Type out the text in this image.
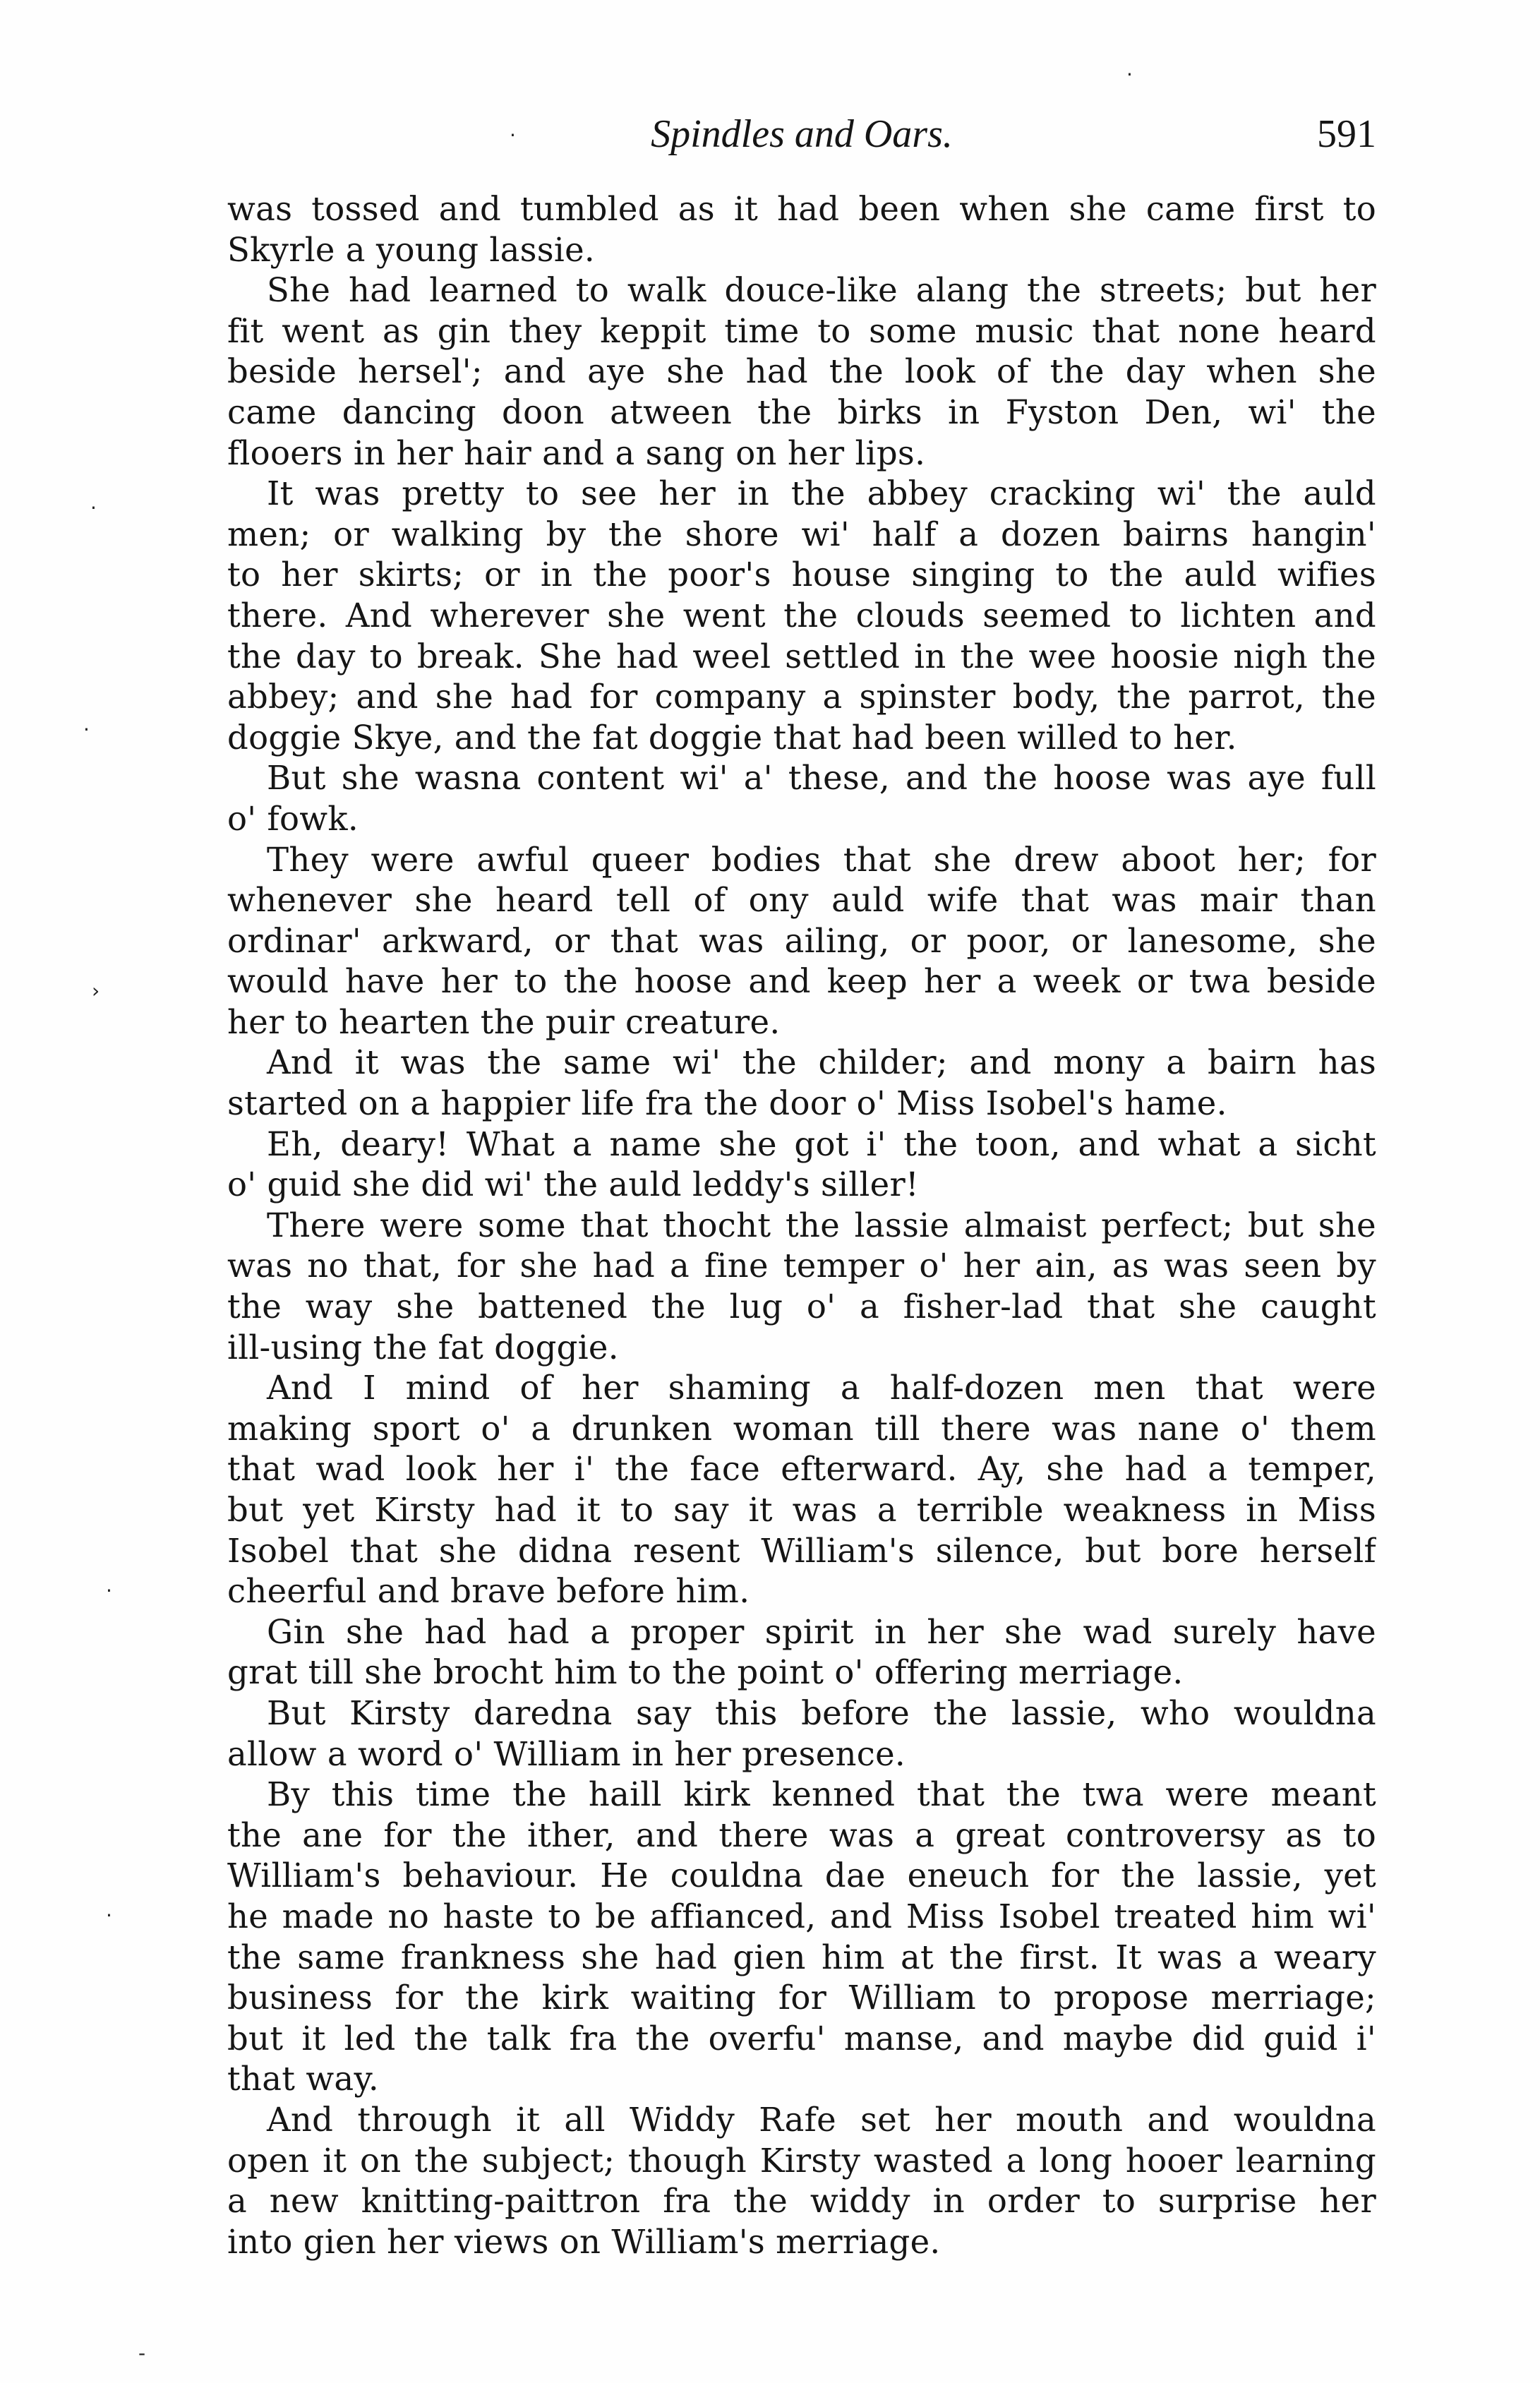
·
·
·
·
›
·
·
-
Spindles and Oars.	591
was tossed and tumbled as it had been when she came first to
Skyrle a young lassie.
She had learned to walk douce-like alang the streets; but her
fit went as gin they keppit time to some music that none heard
beside hersel'; and aye she had the look of the day when she
came dancing doon atween the birks in Fyston Den, wi' the
flooers in her hair and a sang on her lips.
It was pretty to see her in the abbey cracking wi' the auld
men; or walking by the shore wi' half a dozen bairns hangin'
to her skirts; or in the poor's house singing to the auld wifies
there. And wherever she went the clouds seemed to lichten and
the day to break. She had weel settled in the wee hoosie nigh the
abbey; and she had for company a spinster body, the parrot, the
doggie Skye, and the fat doggie that had been willed to her.
But she wasna content wi' a' these, and the hoose was aye full
o' fowk.
They were awful queer bodies that she drew aboot her; for
whenever she heard tell of ony auld wife that was mair than
ordinar' arkward, or that was ailing, or poor, or lanesome, she
would have her to the hoose and keep her a week or twa beside
her to hearten the puir creature.
And it was the same wi' the childer; and mony a bairn has
started on a happier life fra the door o' Miss Isobel's hame.
Eh, deary! What a name she got i' the toon, and what a sicht
o' guid she did wi' the auld leddy's siller!
There were some that thocht the lassie almaist perfect; but she
was no that, for she had a fine temper o' her ain, as was seen by
the way she battened the lug o' a fisher-lad that she caught
ill-using the fat doggie.
And I mind of her shaming a half-dozen men that were
making sport o' a drunken woman till there was nane o' them
that wad look her i' the face efterward. Ay, she had a temper,
but yet Kirsty had it to say it was a terrible weakness in Miss
Isobel that she didna resent William's silence, but bore herself
cheerful and brave before him.
Gin she had had a proper spirit in her she wad surely have
grat till she brocht him to the point o' offering merriage.
But Kirsty daredna say this before the lassie, who wouldna
allow a word o' William in her presence.
By this time the haill kirk kenned that the twa were meant
the ane for the ither, and there was a great controversy as to
William's behaviour. He couldna dae eneuch for the lassie, yet
he made no haste to be affianced, and Miss Isobel treated him wi'
the same frankness she had gien him at the first. It was a weary
business for the kirk waiting for William to propose merriage;
but it led the talk fra the overfu' manse, and maybe did guid i'
that way.
And through it all Widdy Rafe set her mouth and wouldna
open it on the subject; though Kirsty wasted a long hooer learning
a new knitting-paittron fra the widdy in order to surprise her
into gien her views on William's merriage.
